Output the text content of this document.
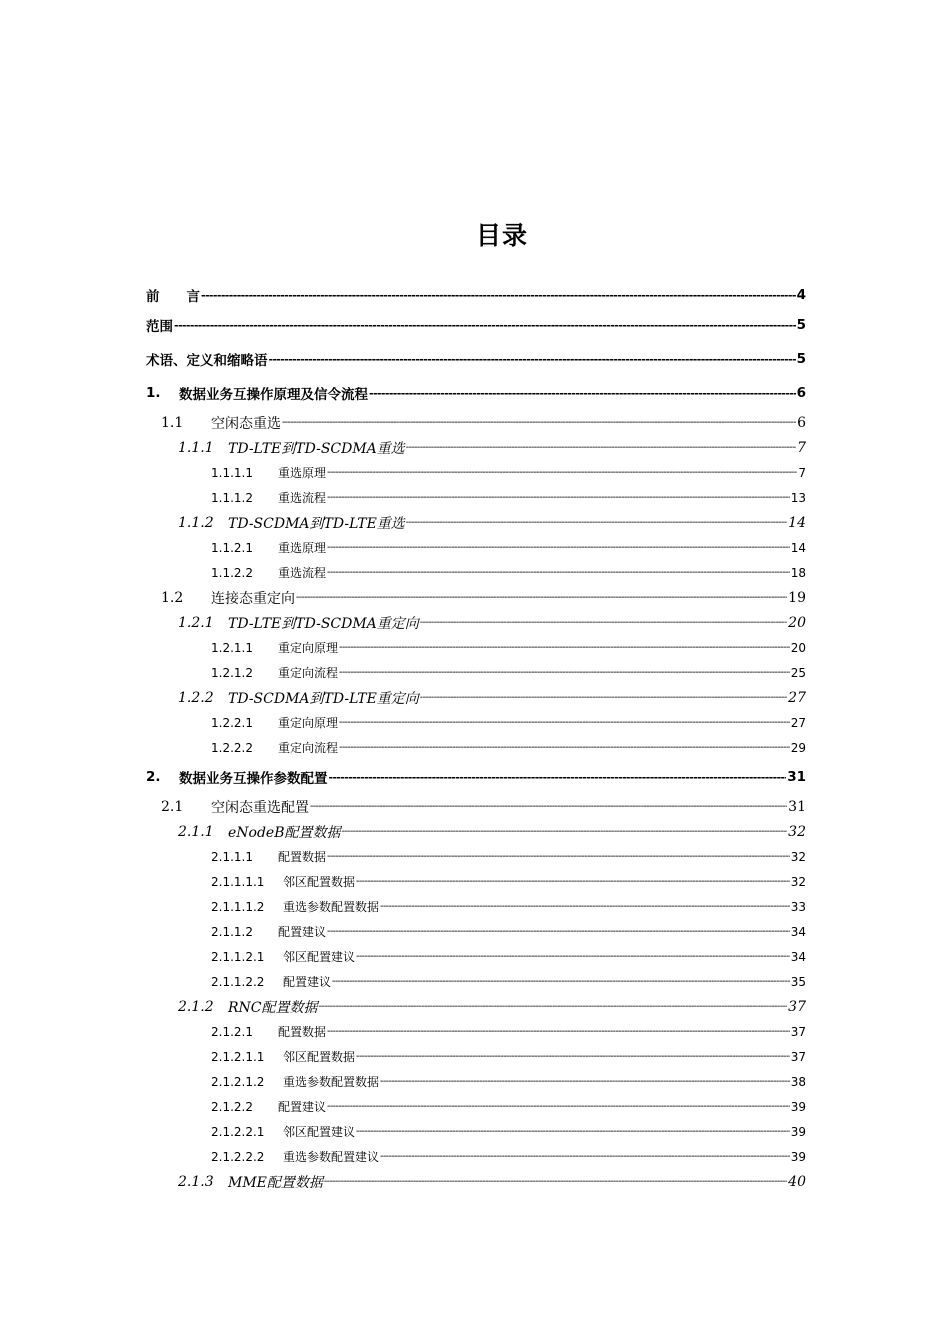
目录
前　　言 -----	4
范围 -----	5
术语、定义和缩略语 -----	5
1.	数据业务互操作原理及信令流程 -----	6
1.1	空闲态重选 -----	6
1.1.1	TD-LTE到TD-SCDMA重选 -----	7
1.1.1.1	重选原理 -----	7
1.1.1.2	重选流程 -----	13
1.1.2	TD-SCDMA到TD-LTE重选 -----	14
1.1.2.1	重选原理 -----	14
1.1.2.2	重选流程 -----	18
1.2	连接态重定向 -----	19
1.2.1	TD-LTE到TD-SCDMA重定向 -----	20
1.2.1.1	重定向原理 -----	20
1.2.1.2	重定向流程 -----	25
1.2.2	TD-SCDMA到TD-LTE重定向 -----	27
1.2.2.1	重定向原理 -----	27
1.2.2.2	重定向流程 -----	29
2.	数据业务互操作参数配置 -----	31
2.1	空闲态重选配置 -----	31
2.1.1	eNodeB配置数据 -----	32
2.1.1.1	配置数据 -----	32
2.1.1.1.1	邻区配置数据 -----	32
2.1.1.1.2	重选参数配置数据 -----	33
2.1.1.2	配置建议 -----	34
2.1.1.2.1	邻区配置建议 -----	34
2.1.1.2.2	配置建议 -----	35
2.1.2	RNC配置数据 -----	37
2.1.2.1	配置数据 -----	37
2.1.2.1.1	邻区配置数据 -----	37
2.1.2.1.2	重选参数配置数据 -----	38
2.1.2.2	配置建议 -----	39
2.1.2.2.1	邻区配置建议 -----	39
2.1.2.2.2	重选参数配置建议 -----	39
2.1.3	MME配置数据 -----	40
